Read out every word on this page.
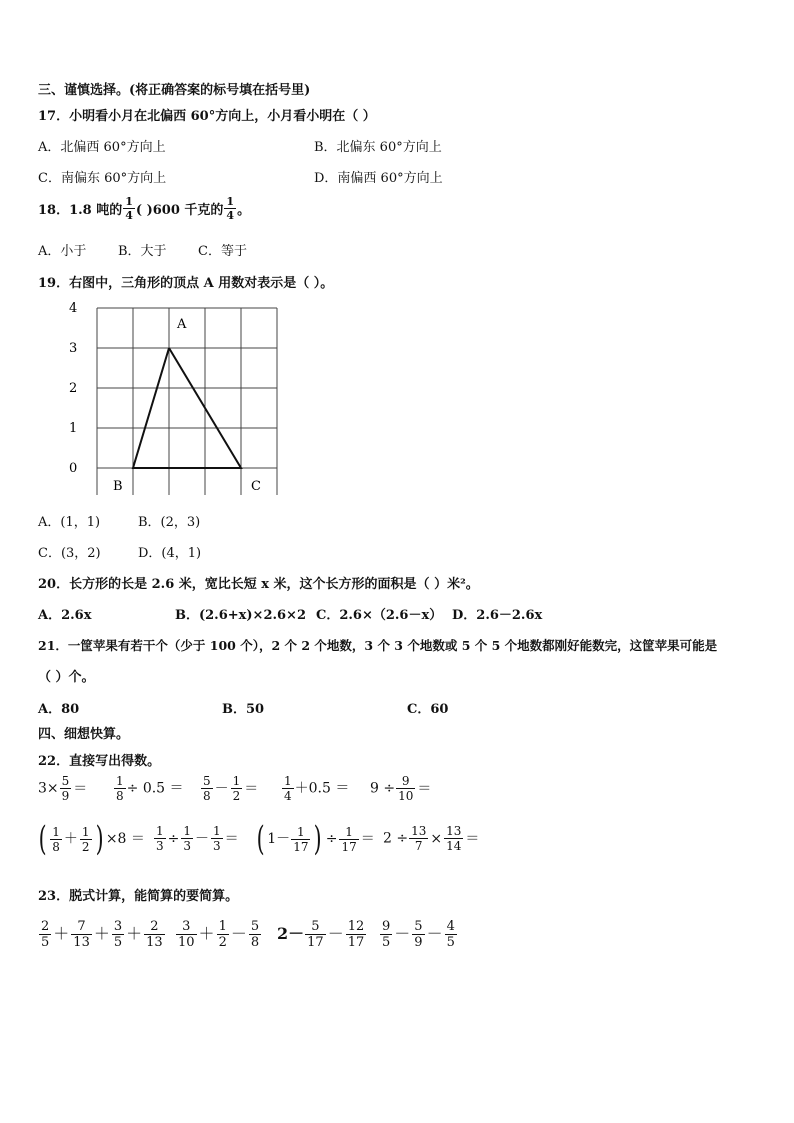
三、谨慎选择。(将正确答案的标号填在括号里)
17．小明看小月在北偏西 60°方向上，小月看小明在（ ）
A．北偏西 60°方向上	B．北偏东 60°方向上
C．南偏东 60°方向上	D．南偏西 60°方向上
18．1.8 吨的 $\frac{1}{4}$ ( )600 千克的 $\frac{1}{4}$ 。
A．小于 B．大于 C．等于
19．右图中，三角形的顶点 A 用数对表示是（ ）。
4
3
2
1
0
A
B	C
A．(1，1)	B．(2，3)
C．(3，2)	D．(4，1)
20．长方形的长是 2.6 米，宽比长短 x 米，这个长方形的面积是（ ）米²。
A．2.6x	B．(2.6+x)×2.6×2 C．2.6×（2.6－x） D．2.6－2.6x
21．一筐苹果有若干个（少于 100 个），2 个 2 个地数，3 个 3 个地数或 5 个 5 个地数都刚好能数完，这筐苹果可能是
（ ）个。
A．80	B．50	C．60
四、细想快算。
22．直接写出得数。
$3\times \frac{5}{9} = \frac{1}{8} \div 0.5 = \frac{5}{8} - \frac{1}{2} = \frac{1}{4} +0.5 = 9 \div \frac{9}{10}$ ＝
( $\frac{1}{8} + \frac{1}{2}$ ) $\times 8 = \frac{1}{3} \div \frac{1}{3} - \frac{1}{3}$ ＝ ( $1- \frac{1}{17}$ ) ÷ $\frac{1}{17} = 2 \div \frac{13}{7} \times \frac{13}{14}$ ＝
23．脱式计算，能简算的要简算。
$\frac{2}{5} + \frac{7}{13} + \frac{3}{5} + \frac{2}{13} \frac{3}{10} + \frac{1}{2} - \frac{5}{8} 2- \frac{5}{17} - \frac{12}{17} \frac{9}{5} - \frac{5}{9} - \frac{4}{5}$
